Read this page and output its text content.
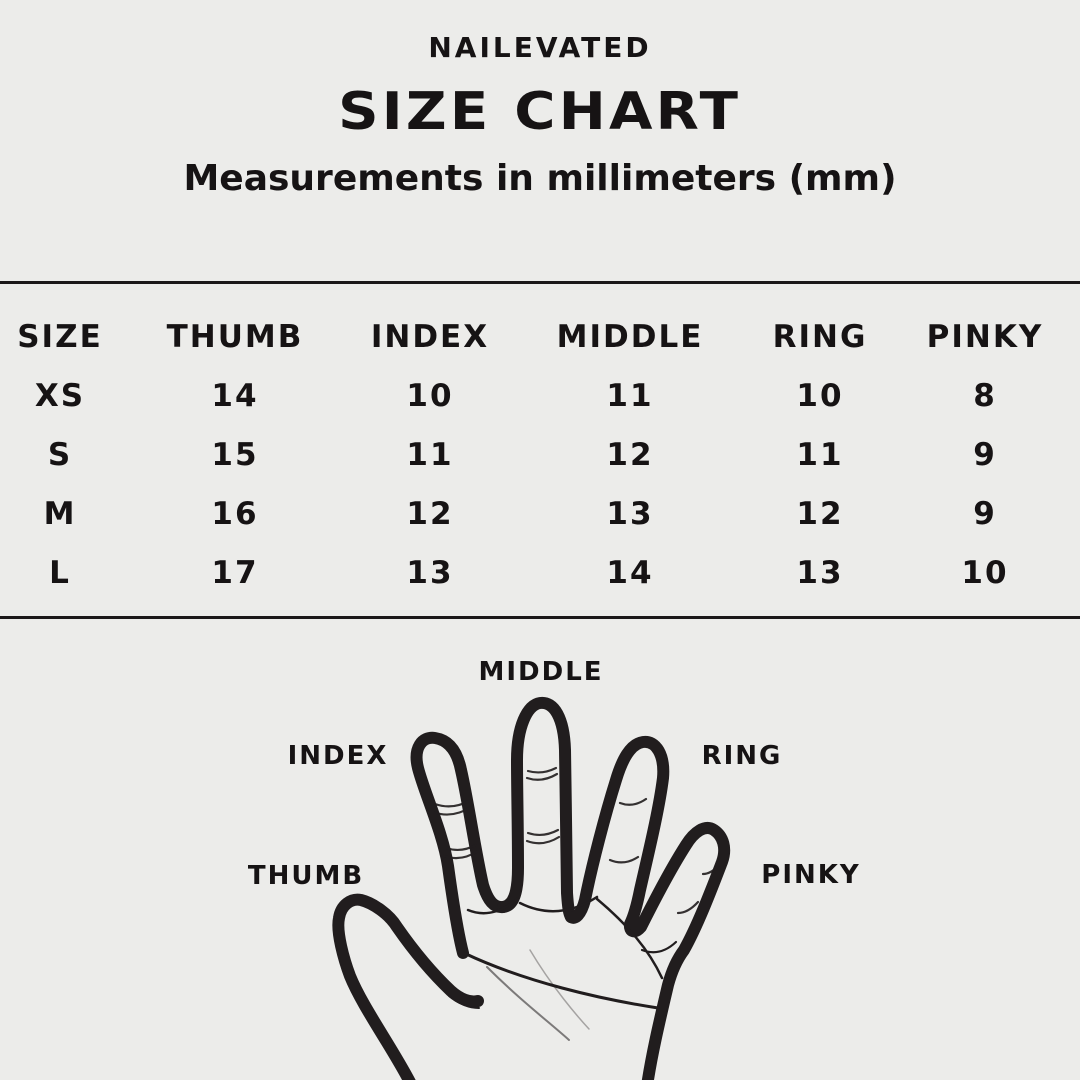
NAILEVATED
SIZE CHART
Measurements in millimeters (mm)
SIZE	THUMB	INDEX	MIDDLE	RING	PINKY
XS	14	10	11	10	8
S	15	11	12	11	9
M	16	12	13	12	9
L	17	13	14	13	10
MIDDLE
INDEX	RING
THUMB	PINKY
